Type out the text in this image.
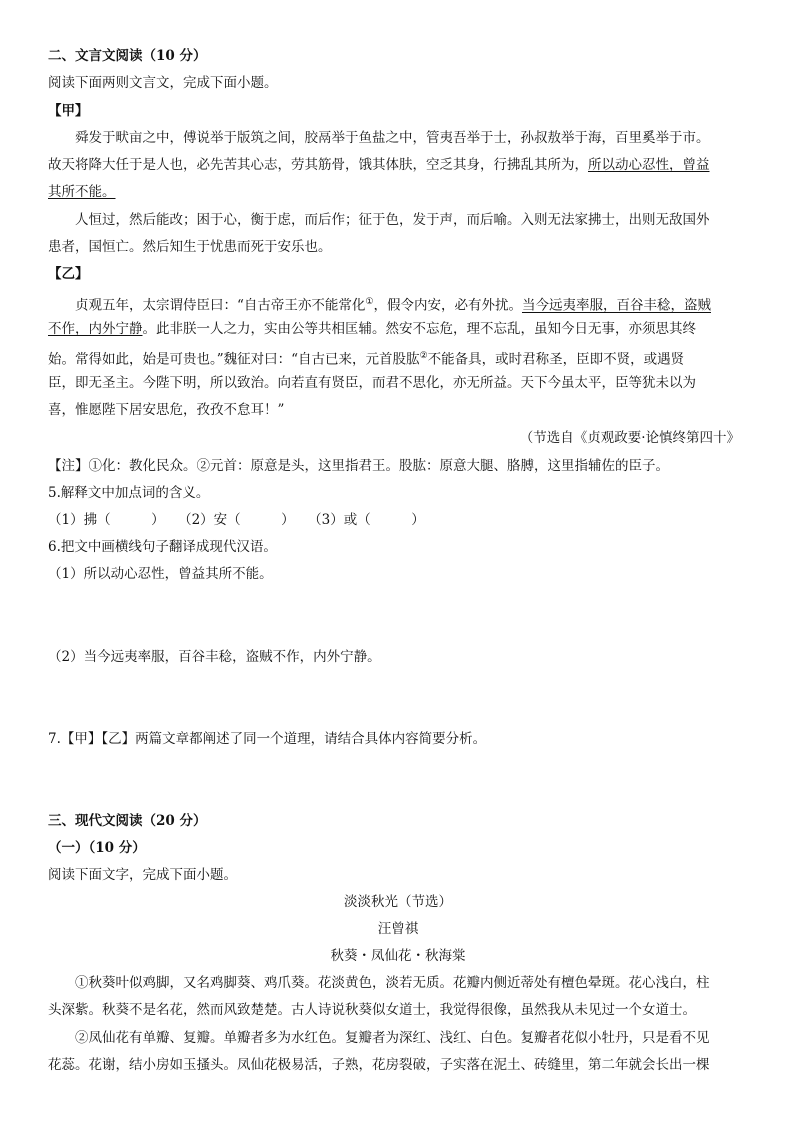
二、文言文阅读（10 分）
阅读下面两则文言文，完成下面小题。
【甲】
舜发于畎亩之中，傅说举于版筑之间，胶鬲举于鱼盐之中，管夷吾举于士，孙叔敖举于海，百里奚举于市。
故天将降大任于是人也，必先苦其心志，劳其筋骨，饿其体肤，空乏其身，行拂乱其所为，所以动心忍性，曾益
其所不能。
人恒过，然后能改；困于心，衡于虑，而后作；征于色，发于声，而后喻。入则无法家拂士，出则无敌国外
患者，国恒亡。然后知生于忧患而死于安乐也。
【乙】
贞观五年，太宗谓侍臣曰：“自古帝王亦不能常化①，假令内安，必有外扰。当今远夷率服，百谷丰稔，盗贼
不作，内外宁静。此非朕一人之力，实由公等共相匡辅。然安不忘危，理不忘乱，虽知今日无事，亦须思其终
始。常得如此，始是可贵也。”魏征对曰：“自古已来，元首股肱②不能备具，或时君称圣，臣即不贤，或遇贤
臣，即无圣主。今陛下明，所以致治。向若直有贤臣，而君不思化，亦无所益。天下今虽太平，臣等犹未以为
喜，惟愿陛下居安思危，孜孜不怠耳！”
（节选自《贞观政要·论慎终第四十》
【注】①化：教化民众。②元首：原意是头，这里指君王。股肱：原意大腿、胳膊，这里指辅佐的臣子。
5.解释文中加点词的含义。
（1）拂（　　　）　　（2）安（　　　）　　（3）或（　　　）
6.把文中画横线句子翻译成现代汉语。
（1）所以动心忍性，曾益其所不能。
（2）当今远夷率服，百谷丰稔，盗贼不作，内外宁静。
7.【甲】【乙】两篇文章都阐述了同一个道理，请结合具体内容简要分析。
三、现代文阅读（20 分）
（一）（10 分）
阅读下面文字，完成下面小题。
淡淡秋光（节选）
汪曾祺
秋葵・凤仙花・秋海棠
①秋葵叶似鸡脚，又名鸡脚葵、鸡爪葵。花淡黄色，淡若无质。花瓣内侧近蒂处有檀色晕斑。花心浅白，柱
头深紫。秋葵不是名花，然而风致楚楚。古人诗说秋葵似女道士，我觉得很像，虽然我从未见过一个女道士。
②凤仙花有单瓣、复瓣。单瓣者多为水红色。复瓣者为深红、浅红、白色。复瓣者花似小牡丹，只是看不见
花蕊。花谢，结小房如玉搔头。凤仙花极易活，子熟，花房裂破，子实落在泥土、砖缝里，第二年就会长出一棵
